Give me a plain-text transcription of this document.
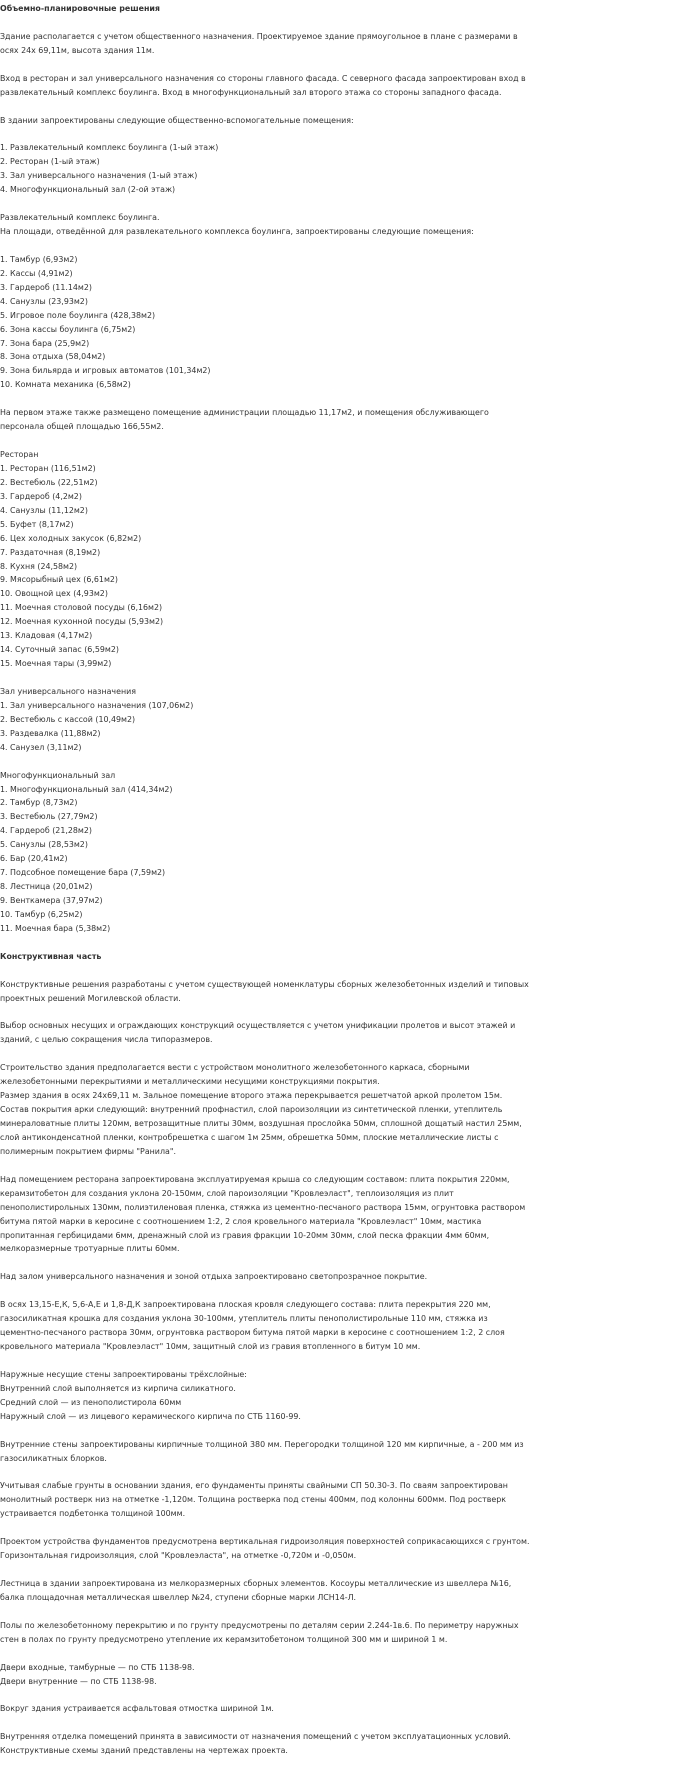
Объемно-планировочные решения
Здание располагается с учетом общественного назначения. Проектируемое здание прямоугольное в плане с размерами в
осях 24х 69,11м, высота здания 11м.
Вход в ресторан и зал универсального назначения со стороны главного фасада. С северного фасада запроектирован вход в
развлекательный комплекс боулинга. Вход в многофункциональный зал второго этажа со стороны западного фасада.
В здании запроектированы следующие общественно-вспомогательные помещения:
1. Развлекательный комплекс боулинга (1-ый этаж)
2. Ресторан (1-ый этаж)
3. Зал универсального назначения (1-ый этаж)
4. Многофункциональный зал (2-ой этаж)
Развлекательный комплекс боулинга.
На площади, отведённой для развлекательного комплекса боулинга, запроектированы следующие помещения:
1. Тамбур (6,93м2)
2. Кассы (4,91м2)
3. Гардероб (11.14м2)
4. Санузлы (23,93м2)
5. Игровое поле боулинга (428,38м2)
6. Зона кассы боулинга (6,75м2)
7. Зона бара (25,9м2)
8. Зона отдыха (58,04м2)
9. Зона бильярда и игровых автоматов (101,34м2)
10. Комната механика (6,58м2)
На первом этаже также размещено помещение администрации площадью 11,17м2, и помещения обслуживающего
персонала общей площадью 166,55м2.
Ресторан
1. Ресторан (116,51м2)
2. Вестебюль (22,51м2)
3. Гардероб (4,2м2)
4. Санузлы (11,12м2)
5. Буфет (8,17м2)
6. Цех холодных закусок (6,82м2)
7. Раздаточная (8,19м2)
8. Кухня (24,58м2)
9. Мясорыбный цех (6,61м2)
10. Овощной цех (4,93м2)
11. Моечная столовой посуды (6,16м2)
12. Моечная кухонной посуды (5,93м2)
13. Кладовая (4,17м2)
14. Суточный запас (6,59м2)
15. Моечная тары (3,99м2)
Зал универсального назначения
1. Зал универсального назначения (107,06м2)
2. Вестебюль с кассой (10,49м2)
3. Раздевалка (11,88м2)
4. Санузел (3,11м2)
Многофункциональный зал
1. Многофункциональный зал (414,34м2)
2. Тамбур (8,73м2)
3. Вестебюль (27,79м2)
4. Гардероб (21,28м2)
5. Санузлы (28,53м2)
6. Бар (20,41м2)
7. Подсобное помещение бара (7,59м2)
8. Лестница (20,01м2)
9. Венткамера (37,97м2)
10. Тамбур (6,25м2)
11. Моечная бара (5,38м2)
Конструктивная часть
Конструктивные решения разработаны с учетом существующей номенклатуры сборных железобетонных изделий и типовых
проектных решений Могилевской области.
Выбор основных несущих и ограждающих конструкций осуществляется с учетом унификации пролетов и высот этажей и
зданий, с целью сокращения числа типоразмеров.
Строительство здания предполагается вести с устройством монолитного железобетонного каркаса, сборными
железобетонными перекрытиями и металлическими несущими конструкциями покрытия.
Размер здания в осях 24х69,11 м. Зальное помещение второго этажа перекрывается решетчатой аркой пролетом 15м.
Состав покрытия арки следующий: внутренний профнастил, слой пароизоляции из синтетической пленки, утеплитель
минераловатные плиты 120мм, ветрозащитные плиты 30мм, воздушная прослойка 50мм, сплошной дощатый настил 25мм,
слой антиконденсатной пленки, контробрешетка с шагом 1м 25мм, обрешетка 50мм, плоские металлические листы с
полимерным покрытием фирмы "Ранила".
Над помещением ресторана запроектирована эксплуатируемая крыша со следующим составом: плита покрытия 220мм,
керамзитобетон для создания уклона 20-150мм, слой пароизоляции "Кровлеэласт", теплоизоляция из плит
пенополистирольных 130мм, полиэтиленовая пленка, стяжка из цементно-песчаного раствора 15мм, огрунтовка раствором
битума пятой марки в керосине с соотношением 1:2, 2 слоя кровельного материала "Кровлеэласт" 10мм, мастика
пропитанная гербицидами 6мм, дренажный слой из гравия фракции 10-20мм 30мм, слой песка фракции 4мм 60мм,
мелкоразмерные тротуарные плиты 60мм.
Над залом универсального назначения и зоной отдыха запроектировано светопрозрачное покрытие.
В осях 13,15-Е,К, 5,6-А,Е и 1,8-Д,К запроектирована плоская кровля следующего состава: плита перекрытия 220 мм,
газосиликатная крошка для создания уклона 30-100мм, утеплитель плиты пенополистирольные 110 мм, стяжка из
цементно-песчаного раствора 30мм, огрунтовка раствором битума пятой марки в керосине с соотношением 1:2, 2 слоя
кровельного материала "Кровлеэласт" 10мм, защитный слой из гравия втопленного в битум 10 мм.
Наружные несущие стены запроектированы трёхслойные:
Внутренний слой выполняется из кирпича силикатного.
Средний слой — из пенополистирола 60мм
Наружный слой — из лицевого керамического кирпича по СТБ 1160-99.
Внутренние стены запроектированы кирпичные толщиной 380 мм. Перегородки толщиной 120 мм кирпичные, а - 200 мм из
газосиликатных блорков.
Учитывая слабые грунты в основании здания, его фундаменты приняты свайными СП 50.30-3. По сваям запроектирован
монолитный ростверк низ на отметке -1,120м. Толщина ростверка под стены 400мм, под колонны 600мм. Под ростверк
устраивается подбетонка толщиной 100мм.
Проектом устройства фундаментов предусмотрена вертикальная гидроизоляция поверхностей соприкасающихся с грунтом.
Горизонтальная гидроизоляция, слой "Кровлеэласта", на отметке -0,720м и -0,050м.
Лестница в здании запроектирована из мелкоразмерных сборных элементов. Косоуры металлические из швеллера №16,
балка площадочная металлическая швеллер №24, ступени сборные марки ЛСН14-Л.
Полы по железобетонному перекрытию и по грунту предусмотрены по деталям серии 2.244-1в.6. По периметру наружных
стен в полах по грунту предусмотрено утепление их керамзитобетоном толщиной 300 мм и шириной 1 м.
Двери входные, тамбурные — по СТБ 1138-98.
Двери внутренние — по СТБ 1138-98.
Вокруг здания устраивается асфальтовая отмостка шириной 1м.
Внутренняя отделка помещений принята в зависимости от назначения помещений с учетом эксплуатационных условий.
Конструктивные схемы зданий представлены на чертежах проекта.
